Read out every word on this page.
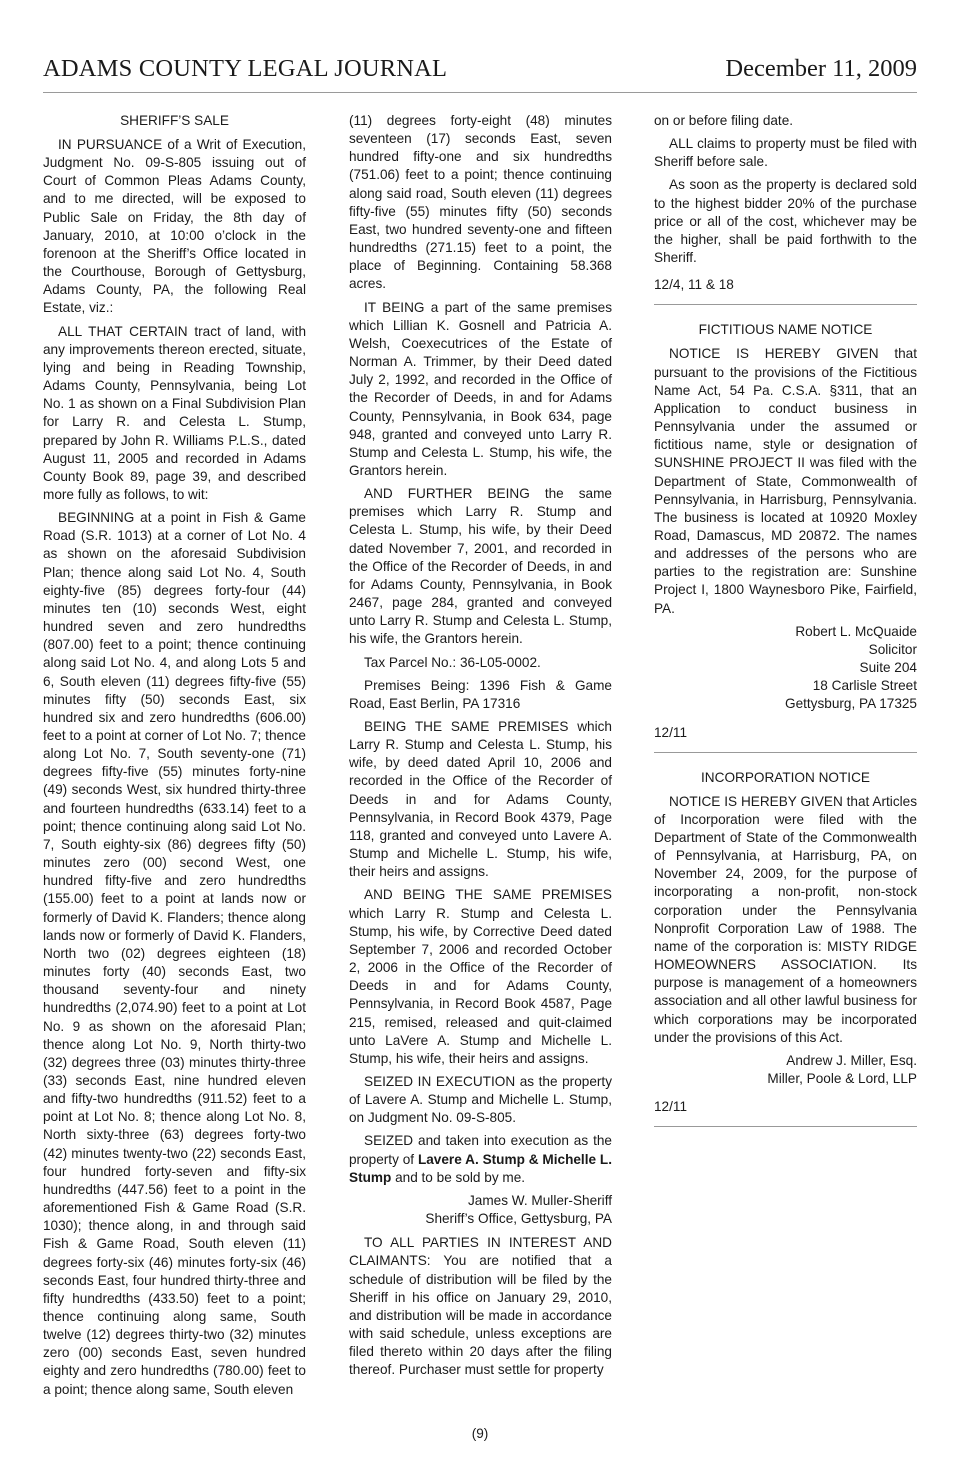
ADAMS COUNTY LEGAL JOURNAL	December 11, 2009
SHERIFF’S SALE

IN PURSUANCE of a Writ of Execution, Judgment No. 09-S-805 issuing out of Court of Common Pleas Adams County, and to me directed, will be exposed to Public Sale on Friday, the 8th day of January, 2010, at 10:00 o’clock in the forenoon at the Sheriff’s Office located in the Courthouse, Borough of Gettysburg, Adams County, PA, the following Real Estate, viz.:

ALL THAT CERTAIN tract of land, with any improvements thereon erected, situate, lying and being in Reading Township, Adams County, Pennsylvania, being Lot No. 1 as shown on a Final Subdivision Plan for Larry R. and Celesta L. Stump, prepared by John R. Williams P.L.S., dated August 11, 2005 and recorded in Adams County Book 89, page 39, and described more fully as follows, to wit:

BEGINNING at a point in Fish & Game Road (S.R. 1013) at a corner of Lot No. 4 as shown on the aforesaid Subdivision Plan; thence along said Lot No. 4, South eighty-five (85) degrees forty-four (44) minutes ten (10) seconds West, eight hundred seven and zero hundredths (807.00) feet to a point; thence continuing along said Lot No. 4, and along Lots 5 and 6, South eleven (11) degrees fifty-five (55) minutes fifty (50) seconds East, six hundred six and zero hundredths (606.00) feet to a point at corner of Lot No. 7; thence along Lot No. 7, South seventy-one (71) degrees fifty-five (55) minutes forty-nine (49) seconds West, six hundred thirty-three and fourteen hundredths (633.14) feet to a point; thence continuing along said Lot No. 7, South eighty-six (86) degrees fifty (50) minutes zero (00) second West, one hundred fifty-five and zero hundredths (155.00) feet to a point at lands now or formerly of David K. Flanders; thence along lands now or formerly of David K. Flanders, North two (02) degrees eighteen (18) minutes forty (40) seconds East, two thousand seventy-four and ninety hundredths (2,074.90) feet to a point at Lot No. 9 as shown on the aforesaid Plan; thence along Lot No. 9, North thirty-two (32) degrees three (03) minutes thirty-three (33) seconds East, nine hundred eleven and fifty-two hundredths (911.52) feet to a point at Lot No. 8; thence along Lot No. 8, North sixty-three (63) degrees forty-two (42) minutes twenty-two (22) seconds East, four hundred forty-seven and fifty-six hundredths (447.56) feet to a point in the aforementioned Fish & Game Road (S.R. 1030); thence along, in and through said Fish & Game Road, South eleven (11) degrees forty-six (46) minutes forty-six (46) seconds East, four hundred thirty-three and fifty hundredths (433.50) feet to a point; thence continuing along same, South twelve (12) degrees thirty-two (32) minutes zero (00) seconds East, seven hundred eighty and zero hundredths (780.00) feet to a point; thence along same, South eleven

(11) degrees forty-eight (48) minutes seventeen (17) seconds East, seven hundred fifty-one and six hundredths (751.06) feet to a point; thence continuing along said road, South eleven (11) degrees fifty-five (55) minutes fifty (50) seconds East, two hundred seventy-one and fifteen hundredths (271.15) feet to a point, the place of Beginning. Containing 58.368 acres.

IT BEING a part of the same premises which Lillian K. Gosnell and Patricia A. Welsh, Coexecutrices of the Estate of Norman A. Trimmer, by their Deed dated July 2, 1992, and recorded in the Office of the Recorder of Deeds, in and for Adams County, Pennsylvania, in Book 634, page 948, granted and conveyed unto Larry R. Stump and Celesta L. Stump, his wife, the Grantors herein.

AND FURTHER BEING the same premises which Larry R. Stump and Celesta L. Stump, his wife, by their Deed dated November 7, 2001, and recorded in the Office of the Recorder of Deeds, in and for Adams County, Pennsylvania, in Book 2467, page 284, granted and conveyed unto Larry R. Stump and Celesta L. Stump, his wife, the Grantors herein.

Tax Parcel No.: 36-L05-0002.

Premises Being: 1396 Fish & Game Road, East Berlin, PA 17316

BEING THE SAME PREMISES which Larry R. Stump and Celesta L. Stump, his wife, by deed dated April 10, 2006 and recorded in the Office of the Recorder of Deeds in and for Adams County, Pennsylvania, in Record Book 4379, Page 118, granted and conveyed unto Lavere A. Stump and Michelle L. Stump, his wife, their heirs and assigns.

AND BEING THE SAME PREMISES which Larry R. Stump and Celesta L. Stump, his wife, by Corrective Deed dated September 7, 2006 and recorded October 2, 2006 in the Office of the Recorder of Deeds in and for Adams County, Pennsylvania, in Record Book 4587, Page 215, remised, released and quit-claimed unto LaVere A. Stump and Michelle L. Stump, his wife, their heirs and assigns.

SEIZED IN EXECUTION as the property of Lavere A. Stump and Michelle L. Stump, on Judgment No. 09-S-805.

SEIZED and taken into execution as the property of Lavere A. Stump & Michelle L. Stump and to be sold by me.

James W. Muller-Sheriff
Sheriff’s Office, Gettysburg, PA

TO ALL PARTIES IN INTEREST AND CLAIMANTS: You are notified that a schedule of distribution will be filed by the Sheriff in his office on January 29, 2010, and distribution will be made in accordance with said schedule, unless exceptions are filed thereto within 20 days after the filing thereof. Purchaser must settle for property

on or before filing date.

ALL claims to property must be filed with Sheriff before sale.

As soon as the property is declared sold to the highest bidder 20% of the purchase price or all of the cost, whichever may be the higher, shall be paid forthwith to the Sheriff.

12/4, 11 & 18

FICTITIOUS NAME NOTICE

NOTICE IS HEREBY GIVEN that pursuant to the provisions of the Fictitious Name Act, 54 Pa. C.S.A. §311, that an Application to conduct business in Pennsylvania under the assumed or fictitious name, style or designation of SUNSHINE PROJECT II was filed with the Department of State, Commonwealth of Pennsylvania, in Harrisburg, Pennsylvania. The business is located at 10920 Moxley Road, Damascus, MD 20872. The names and addresses of the persons who are parties to the registration are: Sunshine Project I, 1800 Waynesboro Pike, Fairfield, PA.

Robert L. McQuaide
Solicitor
Suite 204
18 Carlisle Street
Gettysburg, PA 17325

12/11

INCORPORATION NOTICE

NOTICE IS HEREBY GIVEN that Articles of Incorporation were filed with the Department of State of the Commonwealth of Pennsylvania, at Harrisburg, PA, on November 24, 2009, for the purpose of incorporating a non-profit, non-stock corporation under the Pennsylvania Nonprofit Corporation Law of 1988. The name of the corporation is: MISTY RIDGE HOMEOWNERS ASSOCIATION. Its purpose is management of a homeowners association and all other lawful business for which corporations may be incorporated under the provisions of this Act.

Andrew J. Miller, Esq.
Miller, Poole & Lord, LLP

12/11

(9)
